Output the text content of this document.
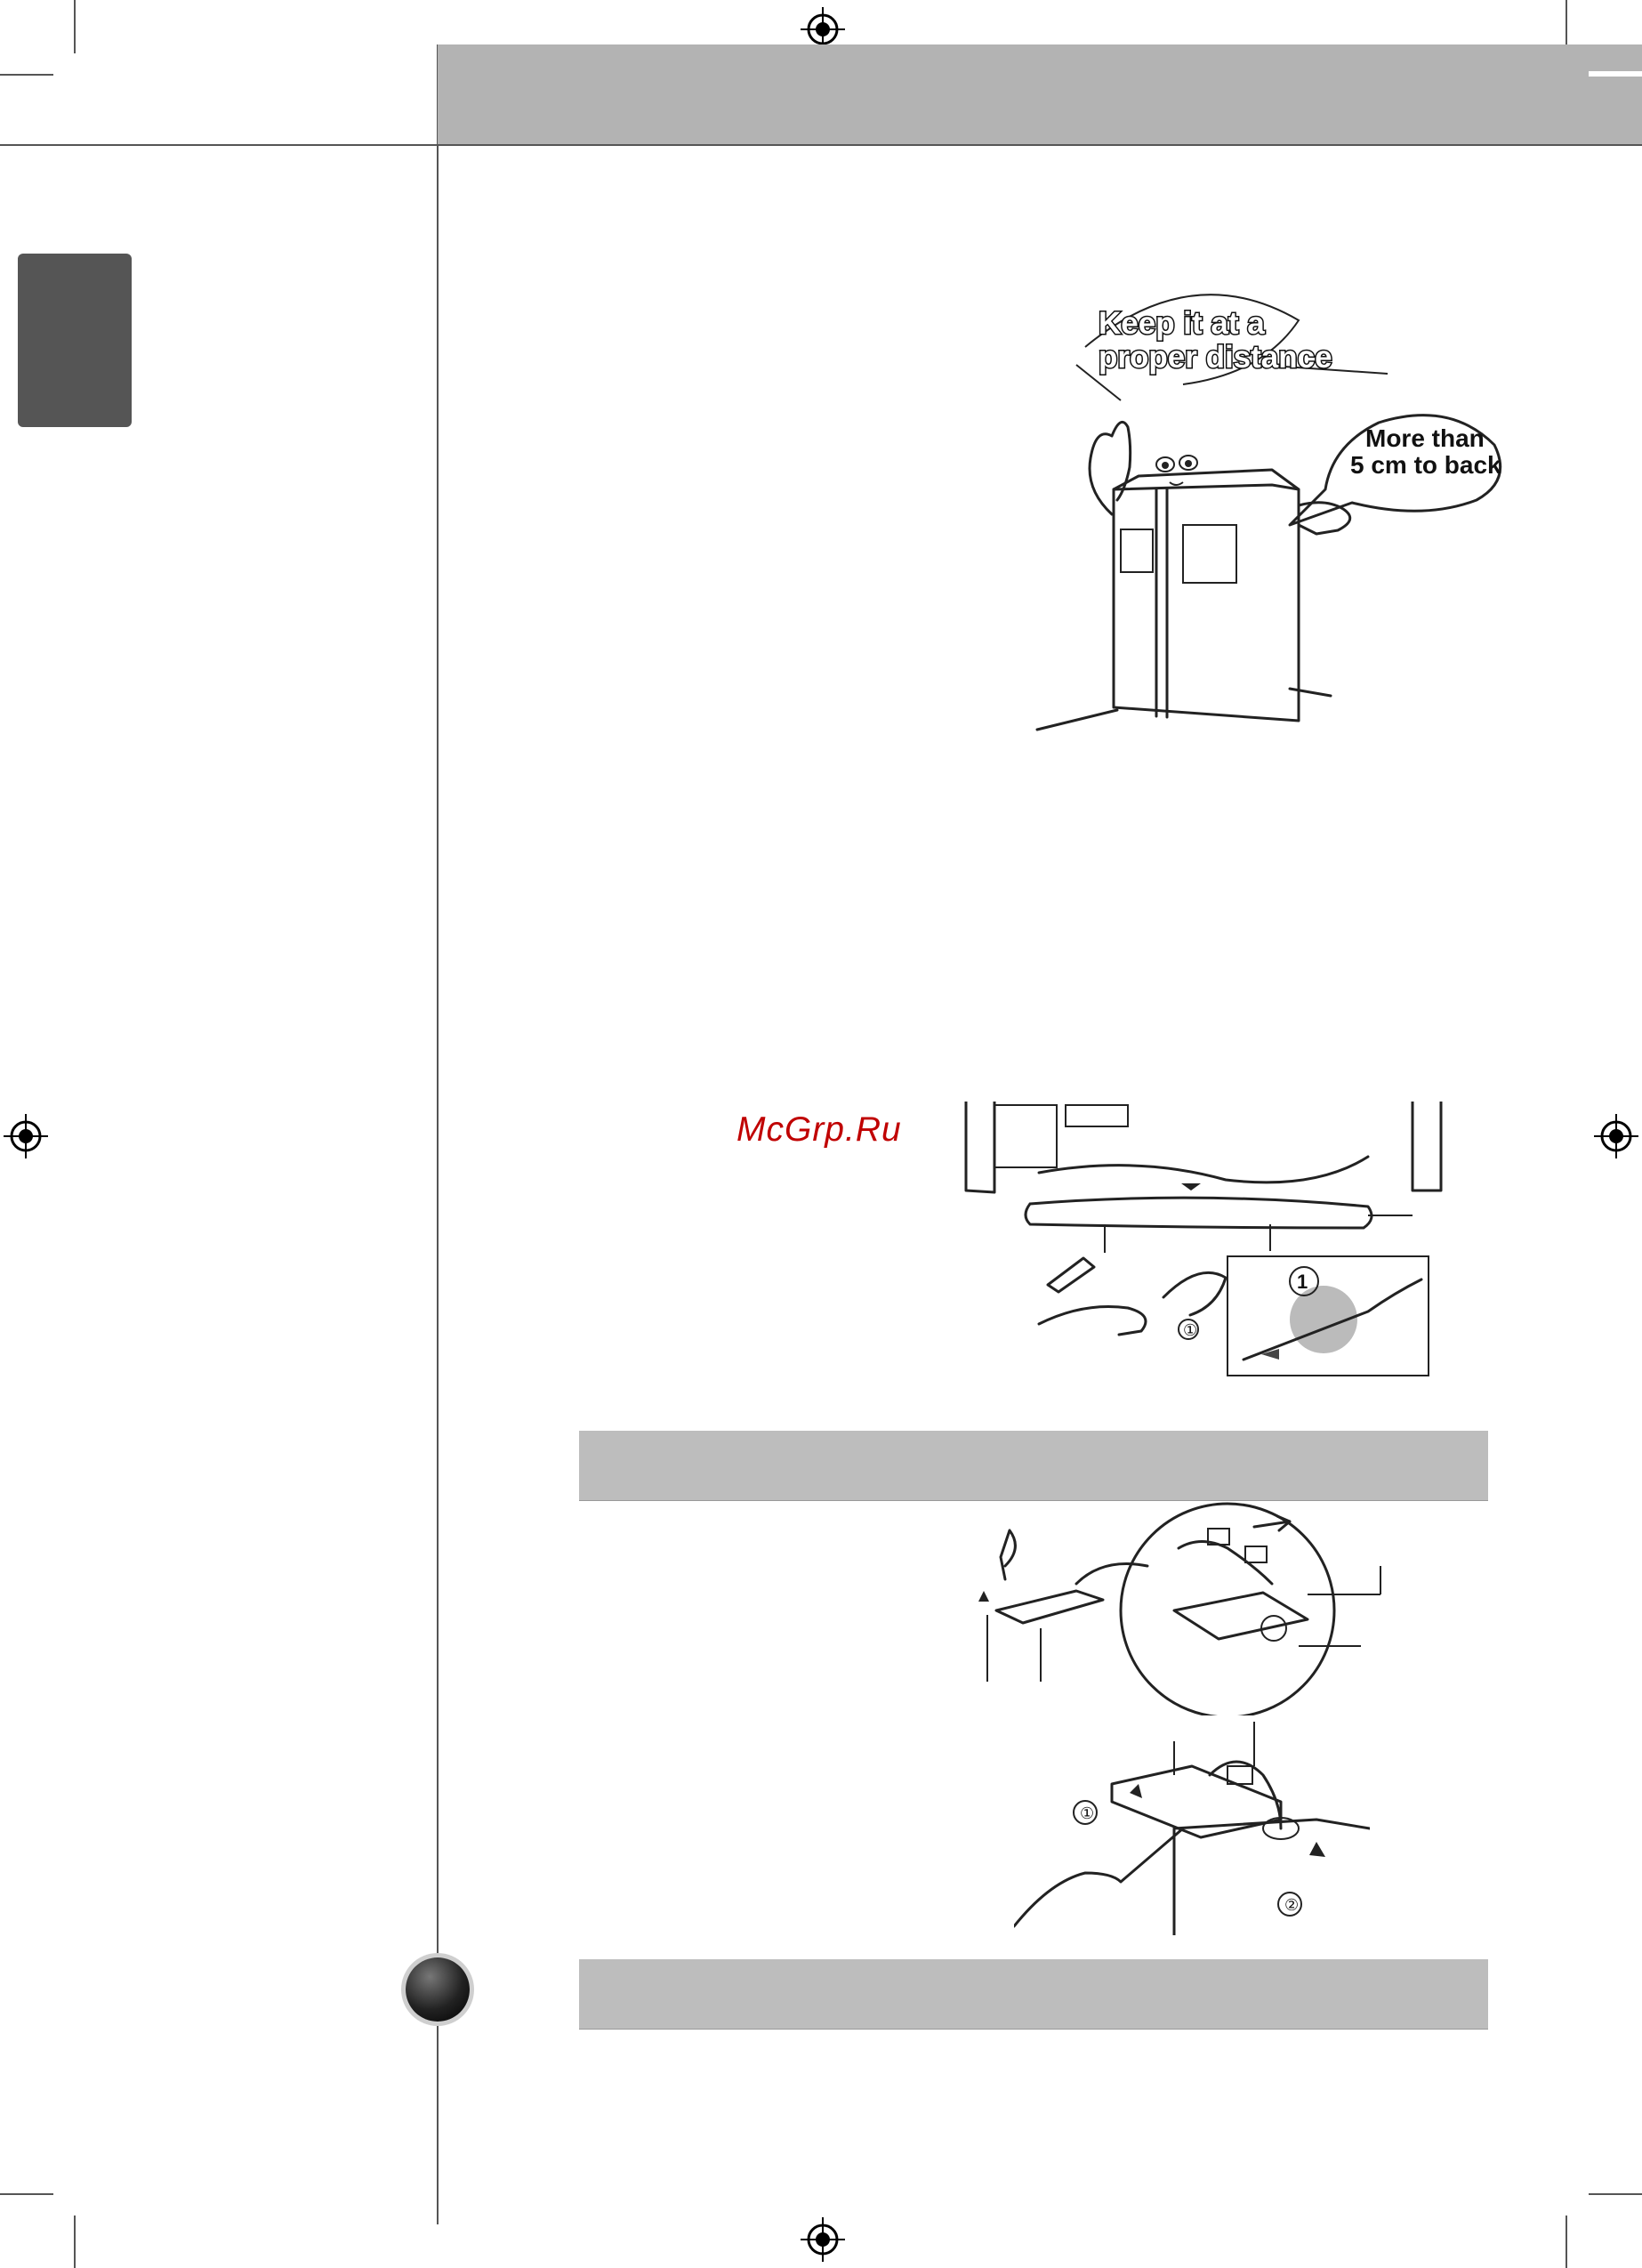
More than
5 cm to back
Keep it at a
proper distance
McGrp.Ru
①
1
①
②
